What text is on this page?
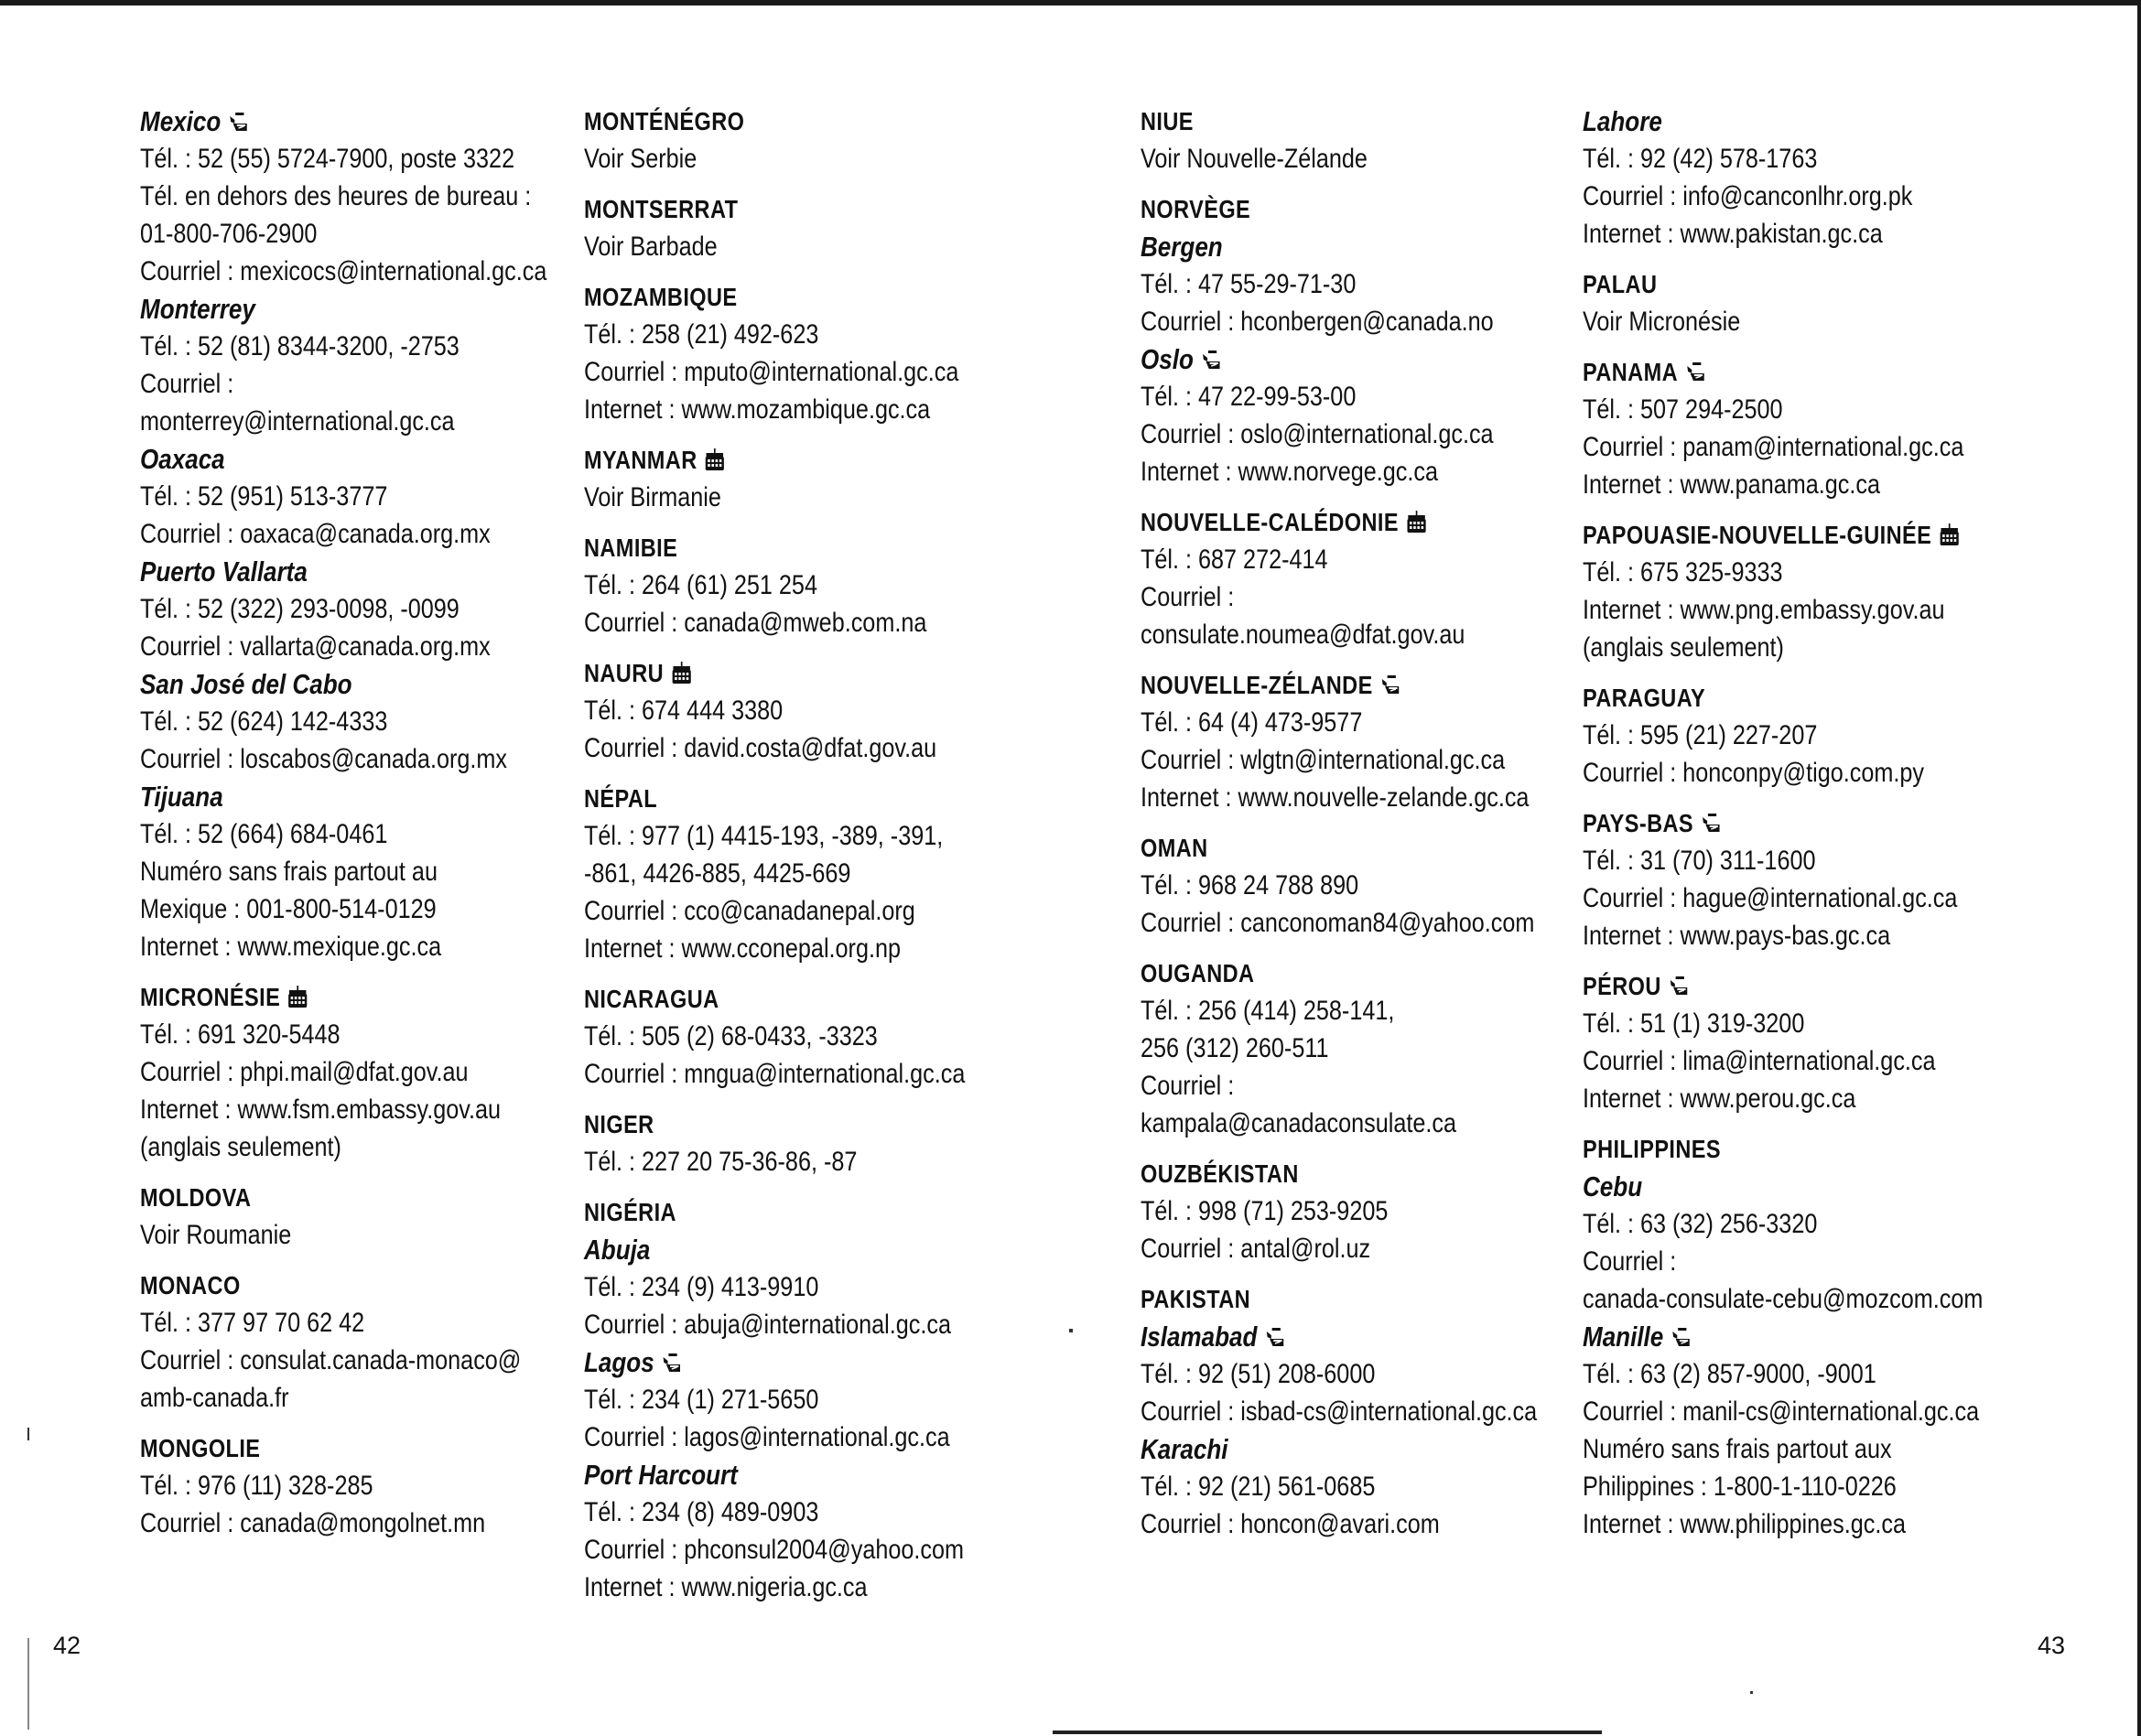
Mexico
Tél. : 52 (55) 5724-7900, poste 3322
Tél. en dehors des heures de bureau :
01-800-706-2900
Courriel : mexicocs@international.gc.ca
Monterrey
Tél. : 52 (81) 8344-3200, -2753
Courriel :
monterrey@international.gc.ca
Oaxaca
Tél. : 52 (951) 513-3777
Courriel : oaxaca@canada.org.mx
Puerto Vallarta
Tél. : 52 (322) 293-0098, -0099
Courriel : vallarta@canada.org.mx
San José del Cabo
Tél. : 52 (624) 142-4333
Courriel : loscabos@canada.org.mx
Tijuana
Tél. : 52 (664) 684-0461
Numéro sans frais partout au
Mexique : 001-800-514-0129
Internet : www.mexique.gc.ca
MICRONÉSIE
Tél. : 691 320-5448
Courriel : phpi.mail@dfat.gov.au
Internet : www.fsm.embassy.gov.au
(anglais seulement)
MOLDOVA
Voir Roumanie
MONACO
Tél. : 377 97 70 62 42
Courriel : consulat.canada-monaco@
amb-canada.fr
MONGOLIE
Tél. : 976 (11) 328-285
Courriel : canada@mongolnet.mn
MONTÉNÉGRO
Voir Serbie
MONTSERRAT
Voir Barbade
MOZAMBIQUE
Tél. : 258 (21) 492-623
Courriel : mputo@international.gc.ca
Internet : www.mozambique.gc.ca
MYANMAR
Voir Birmanie
NAMIBIE
Tél. : 264 (61) 251 254
Courriel : canada@mweb.com.na
NAURU
Tél. : 674 444 3380
Courriel : david.costa@dfat.gov.au
NÉPAL
Tél. : 977 (1) 4415-193, -389, -391,
-861, 4426-885, 4425-669
Courriel : cco@canadanepal.org
Internet : www.cconepal.org.np
NICARAGUA
Tél. : 505 (2) 68-0433, -3323
Courriel : mngua@international.gc.ca
NIGER
Tél. : 227 20 75-36-86, -87
NIGÉRIA
Abuja
Tél. : 234 (9) 413-9910
Courriel : abuja@international.gc.ca
Lagos
Tél. : 234 (1) 271-5650
Courriel : lagos@international.gc.ca
Port Harcourt
Tél. : 234 (8) 489-0903
Courriel : phconsul2004@yahoo.com
Internet : www.nigeria.gc.ca
NIUE
Voir Nouvelle-Zélande
NORVÈGE
Bergen
Tél. : 47 55-29-71-30
Courriel : hconbergen@canada.no
Oslo
Tél. : 47 22-99-53-00
Courriel : oslo@international.gc.ca
Internet : www.norvege.gc.ca
NOUVELLE-CALÉDONIE
Tél. : 687 272-414
Courriel :
consulate.noumea@dfat.gov.au
NOUVELLE-ZÉLANDE
Tél. : 64 (4) 473-9577
Courriel : wlgtn@international.gc.ca
Internet : www.nouvelle-zelande.gc.ca
OMAN
Tél. : 968 24 788 890
Courriel : canconoman84@yahoo.com
OUGANDA
Tél. : 256 (414) 258-141,
256 (312) 260-511
Courriel :
kampala@canadaconsulate.ca
OUZBÉKISTAN
Tél. : 998 (71) 253-9205
Courriel : antal@rol.uz
PAKISTAN
Islamabad
Tél. : 92 (51) 208-6000
Courriel : isbad-cs@international.gc.ca
Karachi
Tél. : 92 (21) 561-0685
Courriel : honcon@avari.com
Lahore
Tél. : 92 (42) 578-1763
Courriel : info@canconlhr.org.pk
Internet : www.pakistan.gc.ca
PALAU
Voir Micronésie
PANAMA
Tél. : 507 294-2500
Courriel : panam@international.gc.ca
Internet : www.panama.gc.ca
PAPOUASIE-NOUVELLE-GUINÉE
Tél. : 675 325-9333
Internet : www.png.embassy.gov.au
(anglais seulement)
PARAGUAY
Tél. : 595 (21) 227-207
Courriel : honconpy@tigo.com.py
PAYS-BAS
Tél. : 31 (70) 311-1600
Courriel : hague@international.gc.ca
Internet : www.pays-bas.gc.ca
PÉROU
Tél. : 51 (1) 319-3200
Courriel : lima@international.gc.ca
Internet : www.perou.gc.ca
PHILIPPINES
Cebu
Tél. : 63 (32) 256-3320
Courriel :
canada-consulate-cebu@mozcom.com
Manille
Tél. : 63 (2) 857-9000, -9001
Courriel : manil-cs@international.gc.ca
Numéro sans frais partout aux
Philippines : 1-800-1-110-0226
Internet : www.philippines.gc.ca
42	43
